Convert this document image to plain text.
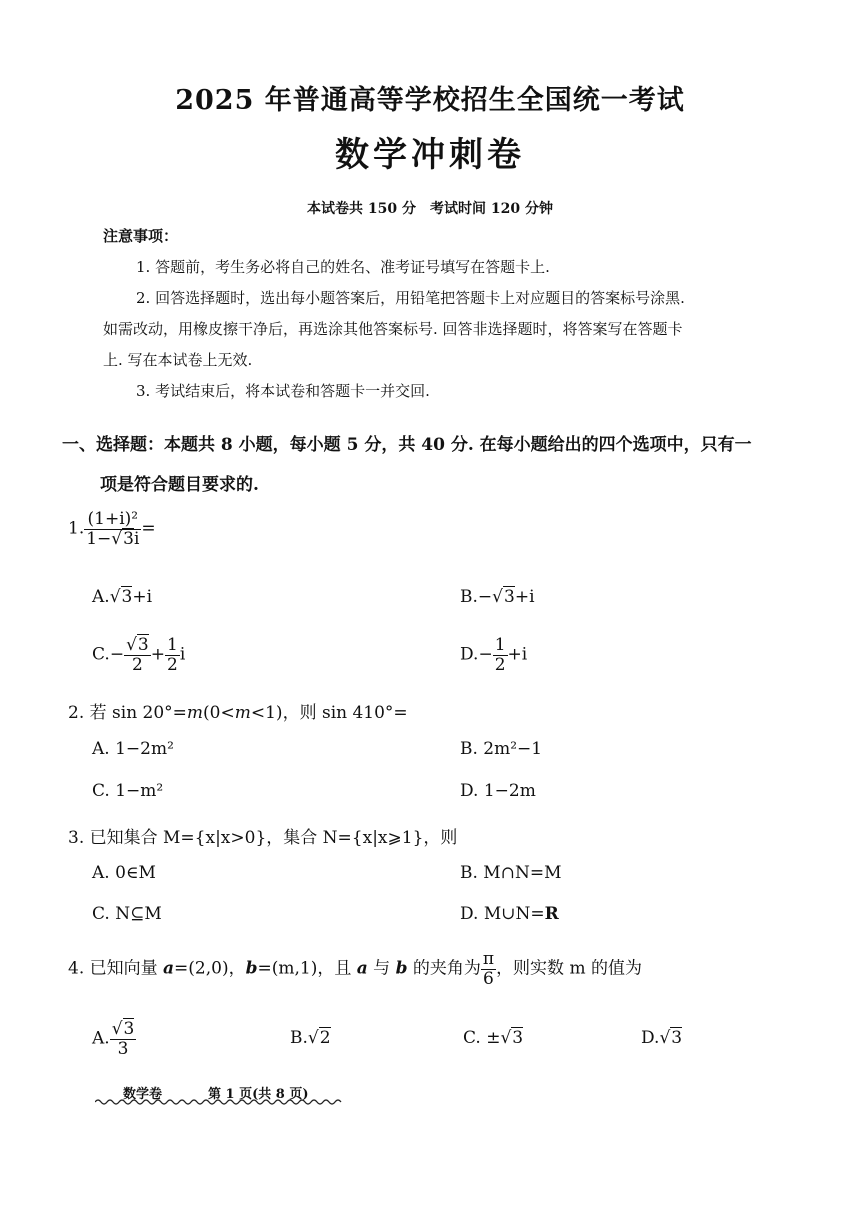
2025 年普通高等学校招生全国统一考试
数学冲刺卷
本试卷共 150 分　考试时间 120 分钟
注意事项：
1. 答题前，考生务必将自己的姓名、准考证号填写在答题卡上.
2. 回答选择题时，选出每小题答案后，用铅笔把答题卡上对应题目的答案标号涂黑.
如需改动，用橡皮擦干净后，再选涂其他答案标号. 回答非选择题时，将答案写在答题卡
上. 写在本试卷上无效.
3. 考试结束后，将本试卷和答题卡一并交回.
一、选择题：本题共 8 小题，每小题 5 分，共 40 分. 在每小题给出的四个选项中，只有一
项是符合题目要求的.
1. $\frac{\text{(1+i)²}}{1- √ 3i}$ =
A. √ 3+i	B.− √ 3+i
C.− √ $\frac{3}{2} + \frac{1}{2}$ i	$D.- \frac{1}{2} +i$
2. 若 sin 20°=m(0<m<1)，则 sin 410°=
A. 1−2m²	B. 2m²−1
C. 1−m²	D. 1−2m
3. 已知集合 M={x|x>0}，集合 N={x|x⩾1}，则
A. 0∈M	B. M∩N=M
C. N⊆M	D. M∪N=R
4. 已知向量 a=(2,0)，b=(m,1)，且 a 与 b 的夹角为 $\frac{\pi}{6}$ ，则实数 m 的值为
A. √ $\frac{3}{3}$	B. √ 2	C. ± √ 3	D. √ 3
数学卷	第 1 页(共 8 页)
